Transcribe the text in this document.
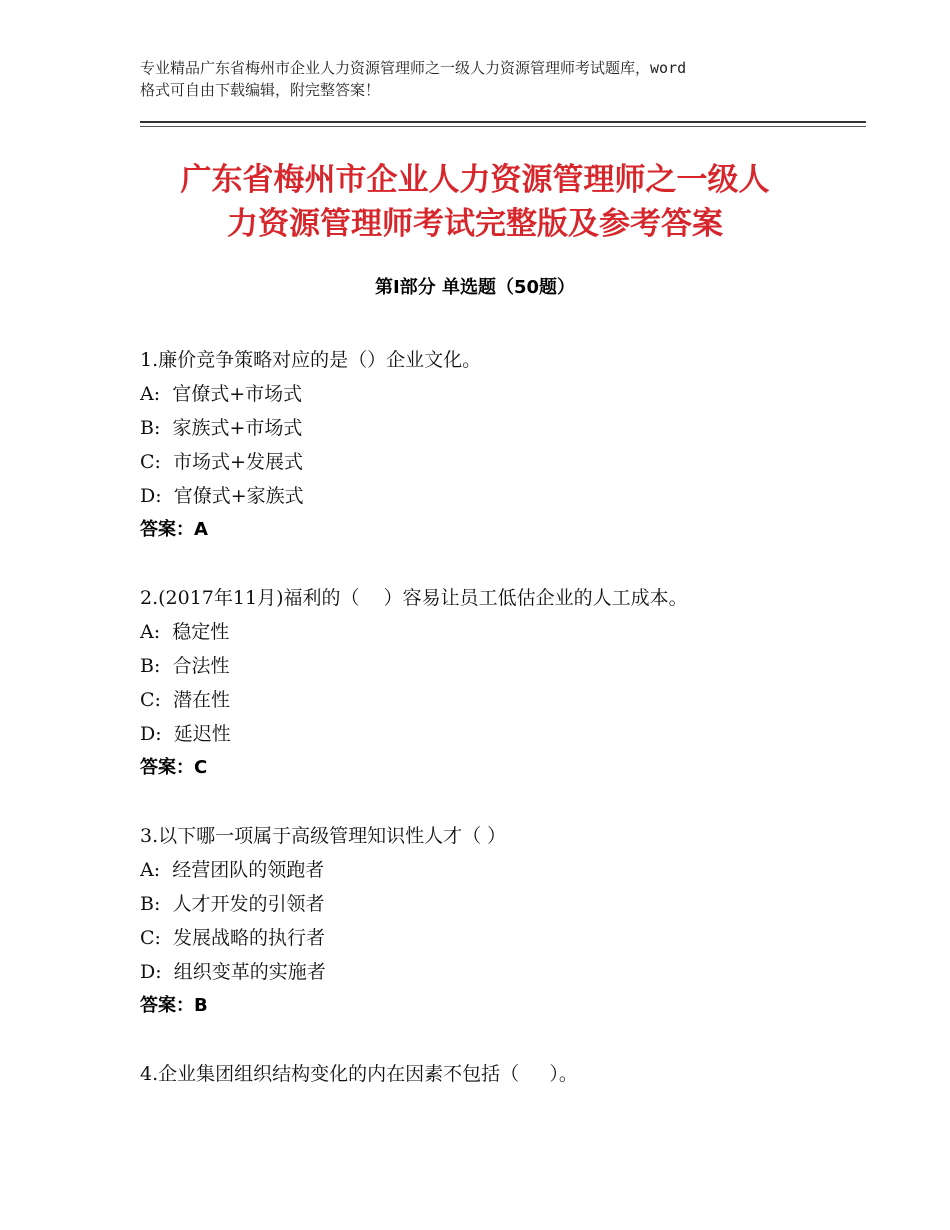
专业精品广东省梅州市企业人力资源管理师之一级人力资源管理师考试题库，word
格式可自由下载编辑，附完整答案！
广东省梅州市企业人力资源管理师之一级人
力资源管理师考试完整版及参考答案
第Ⅰ部分 单选题（50题）
1.廉价竞争策略对应的是（）企业文化。
A:  官僚式+市场式
B:  家族式+市场式
C:  市场式+发展式
D:  官僚式+家族式
答案：A
2.(2017年11月)福利的（    ）容易让员工低估企业的人工成本。
A:  稳定性
B:  合法性
C:  潜在性
D:  延迟性
答案：C
3.以下哪一项属于高级管理知识性人才（ ）
A:  经营团队的领跑者
B:  人才开发的引领者
C:  发展战略的执行者
D:  组织变革的实施者
答案：B
4.企业集团组织结构变化的内在因素不包括（     ）。
